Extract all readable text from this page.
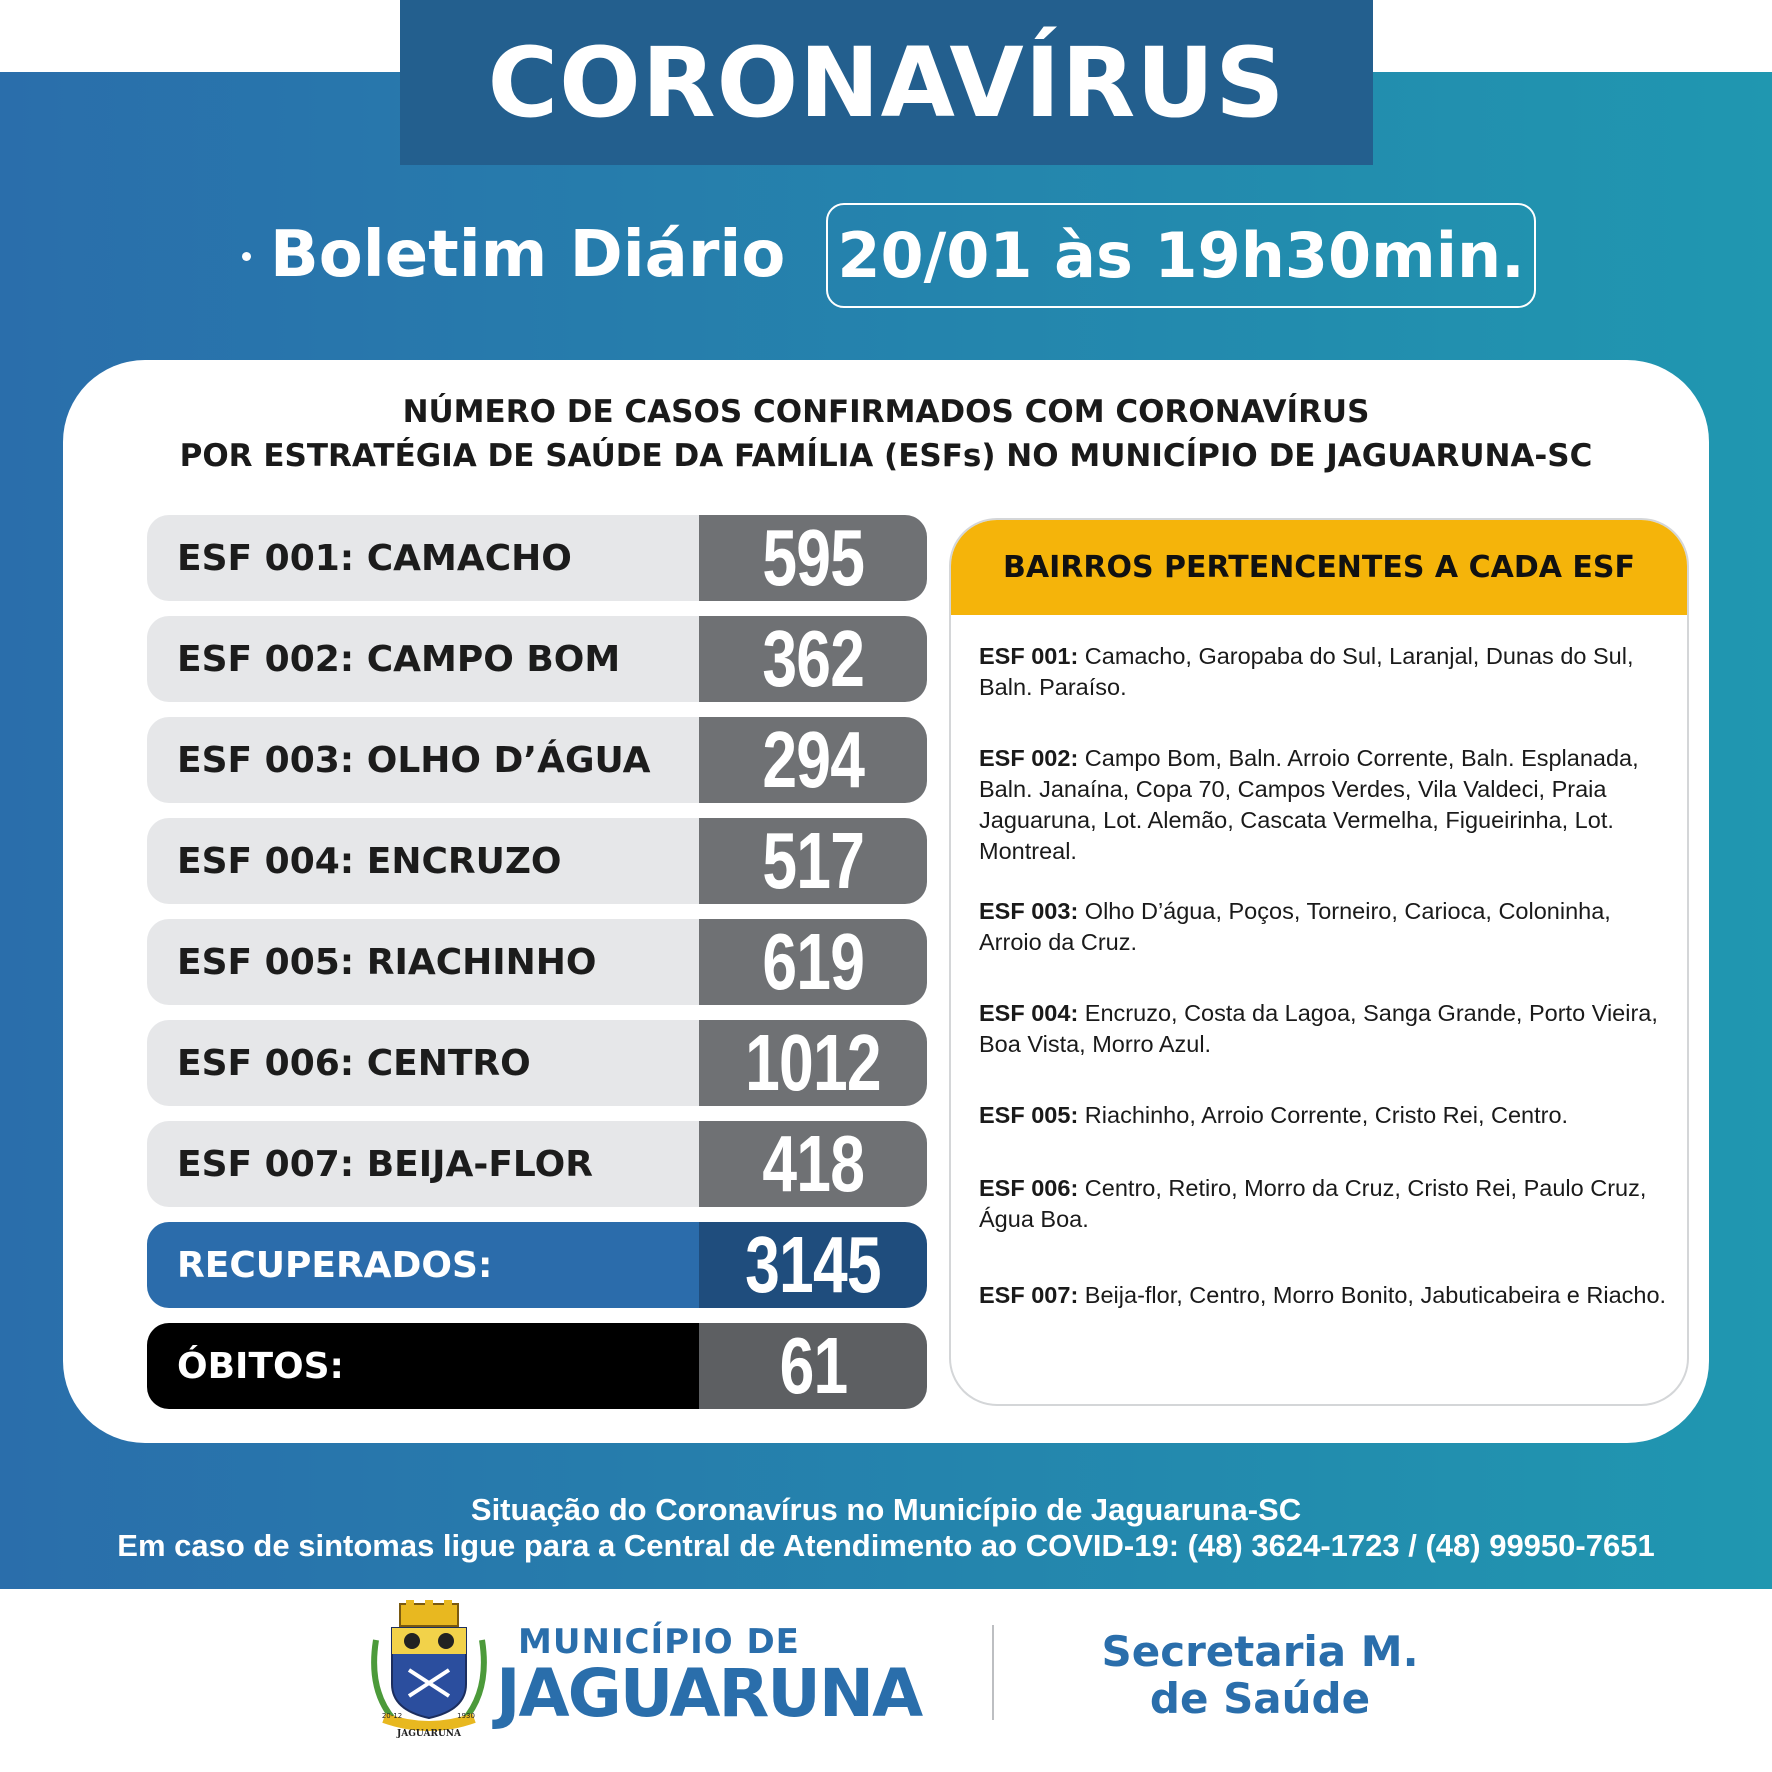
CORONAVÍRUS
Boletim Diário 20/01 às 19h30min.
NÚMERO DE CASOS CONFIRMADOS COM CORONAVÍRUS
POR ESTRATÉGIA DE SAÚDE DA FAMÍLIA (ESFs) NO MUNICÍPIO DE JAGUARUNA-SC
ESF 001: CAMACHO	595
ESF 002: CAMPO BOM	362
ESF 003: OLHO D’ÁGUA	294
ESF 004: ENCRUZO	517
ESF 005: RIACHINHO	619
ESF 006: CENTRO	1012
ESF 007: BEIJA-FLOR	418
RECUPERADOS:	3145
ÓBITOS:	61
BAIRROS PERTENCENTES A CADA ESF
ESF 001: Camacho, Garopaba do Sul, Laranjal, Dunas do Sul, Baln. Paraíso.
ESF 002: Campo Bom, Baln. Arroio Corrente, Baln. Esplanada, Baln. Janaína, Copa 70, Campos Verdes, Vila Valdeci, Praia Jaguaruna, Lot. Alemão, Cascata Vermelha, Figueirinha, Lot. Montreal.
ESF 003: Olho D’água, Poços, Torneiro, Carioca, Coloninha, Arroio da Cruz.
ESF 004: Encruzo, Costa da Lagoa, Sanga Grande, Porto Vieira, Boa Vista, Morro Azul.
ESF 005: Riachinho, Arroio Corrente, Cristo Rei, Centro.
ESF 006: Centro, Retiro, Morro da Cruz, Cristo Rei, Paulo Cruz, Água Boa.
ESF 007: Beija-flor, Centro, Morro Bonito, Jabuticabeira e Riacho.
Situação do Coronavírus no Município de Jaguaruna-SC
Em caso de sintomas ligue para a Central de Atendimento ao COVID-19: (48) 3624-1723 / (48) 99950-7651
JAGUARUNA
20-12	1930
MUNICÍPIO DE
JAGUARUNA
Secretaria M.
de Saúde
